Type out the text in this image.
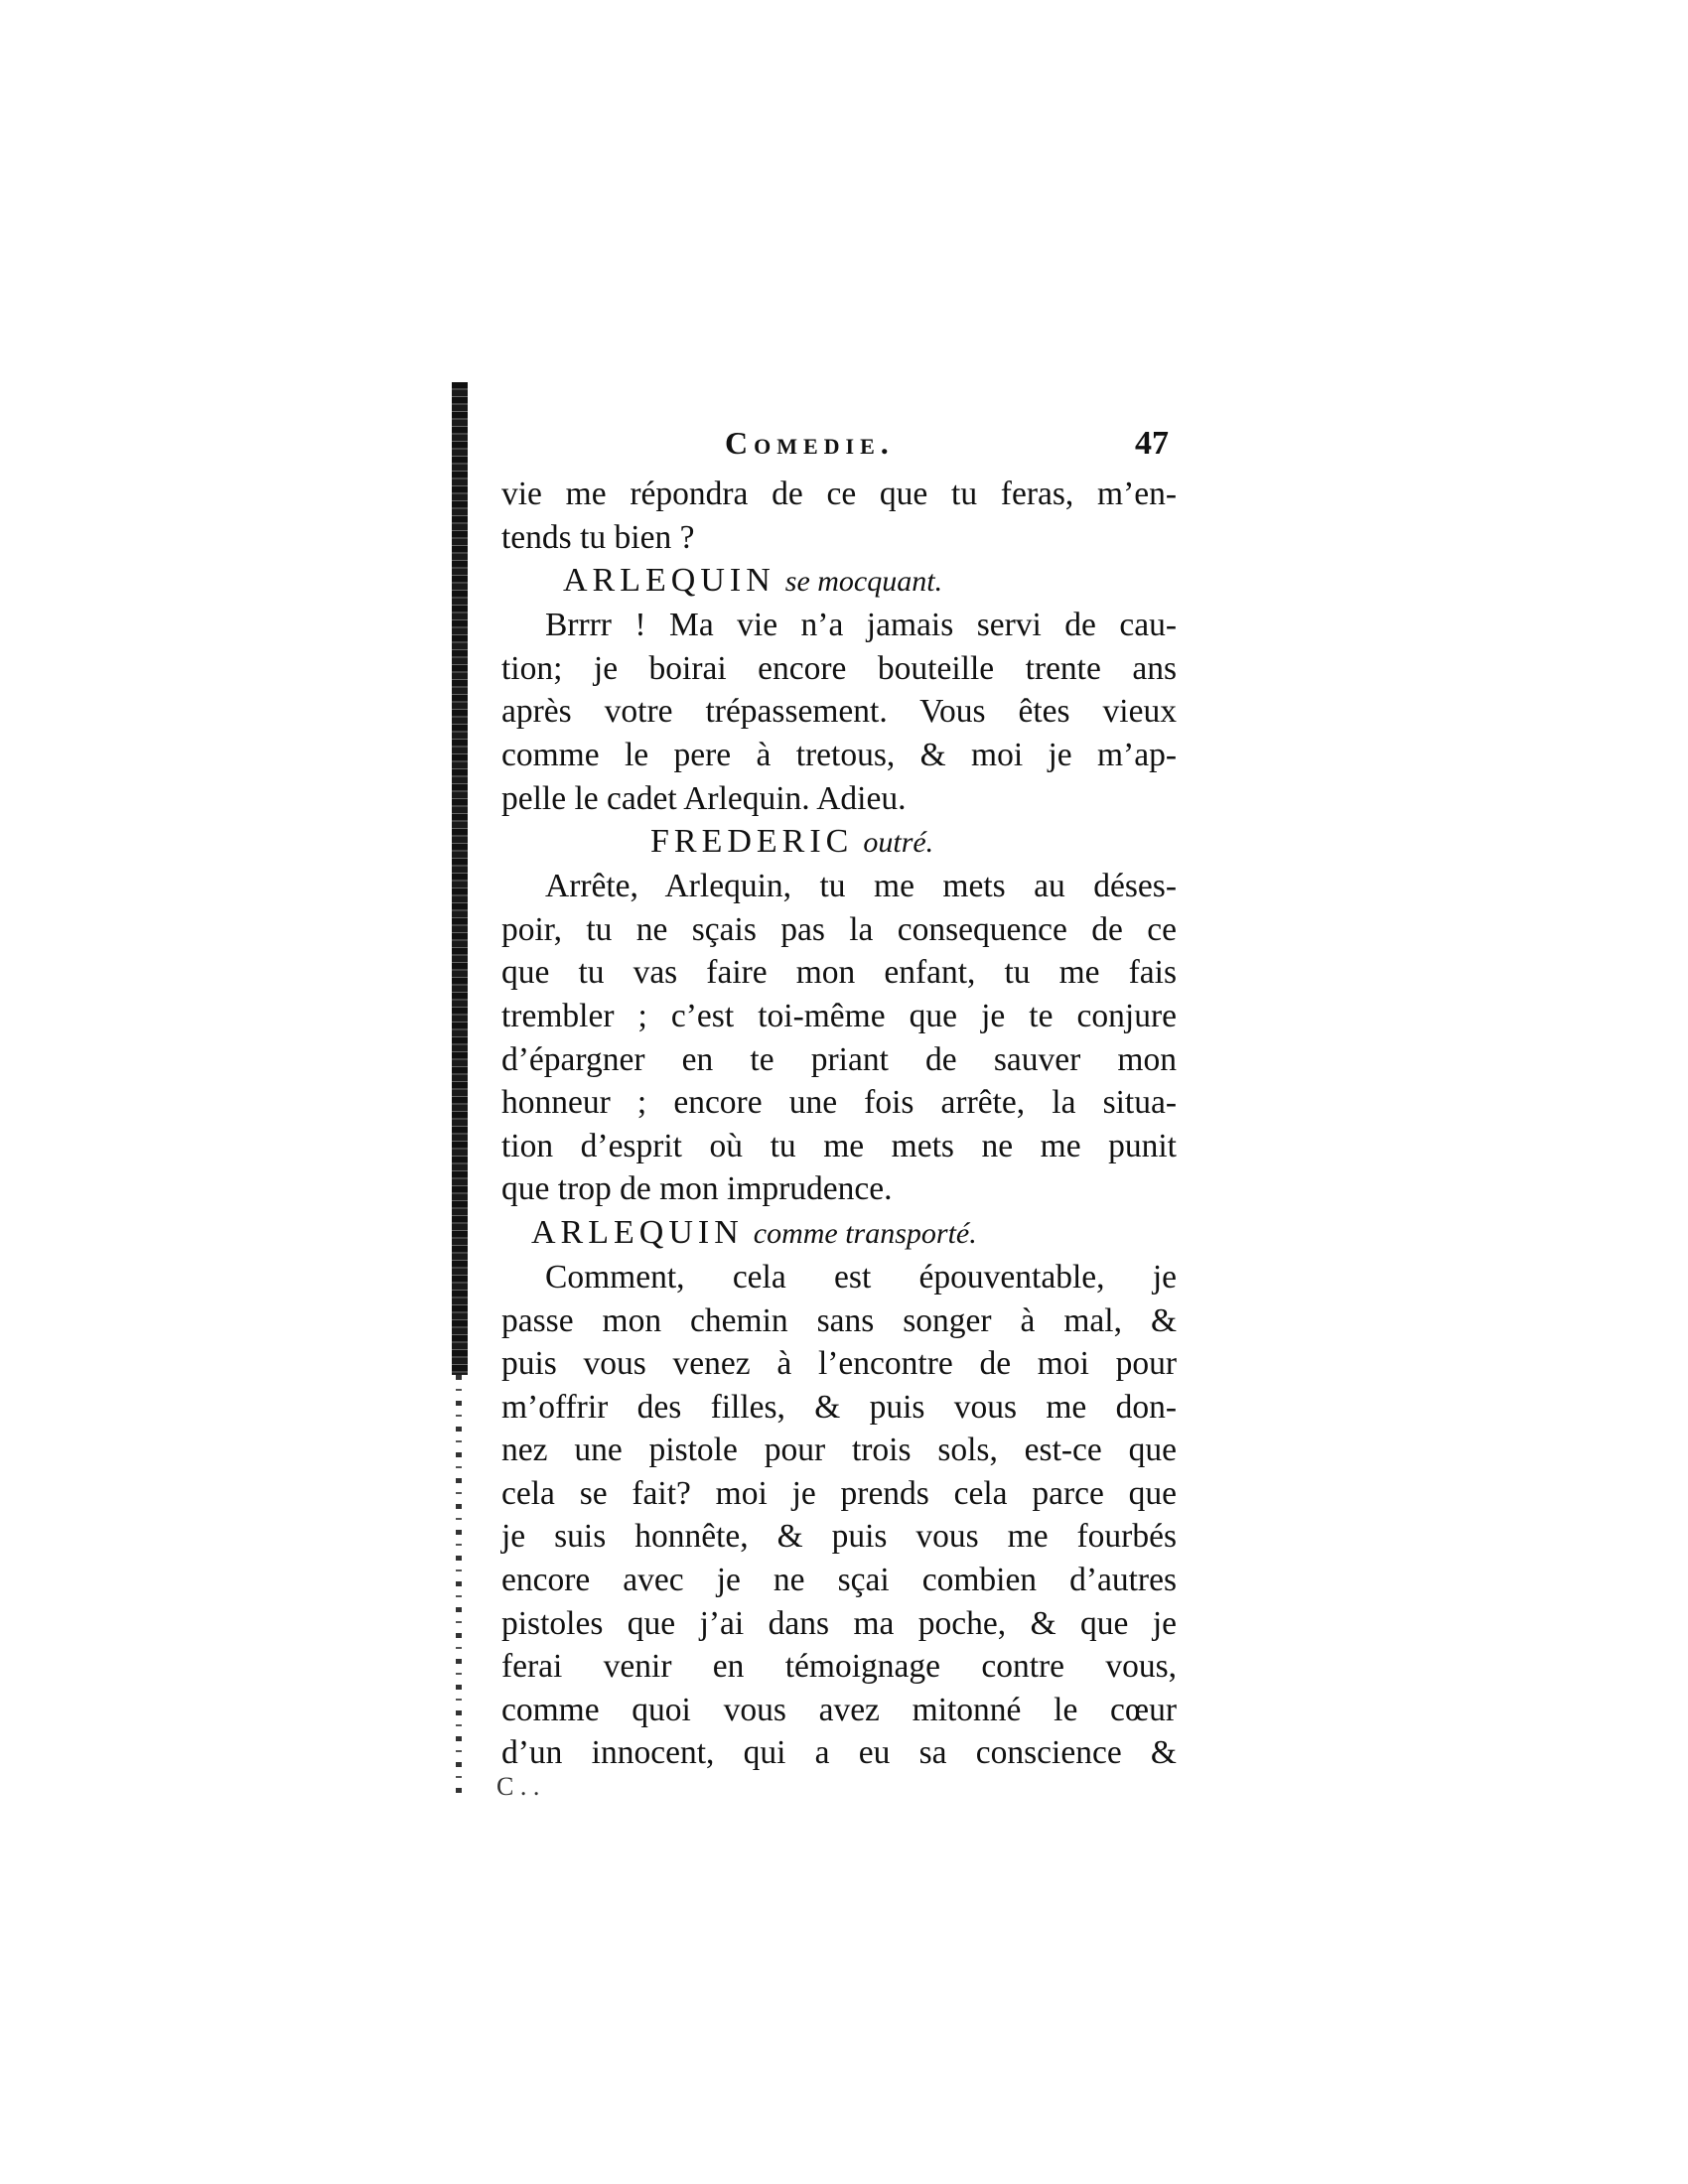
Comedie.	47
vie me répondra de ce que tu feras, m’en-
tends tu bien ?
ARLEQUIN se mocquant.
Brrrr ! Ma vie n’a jamais servi de cau-
tion; je boirai encore bouteille trente ans
après votre trépassement. Vous êtes vieux
comme le pere à tretous, & moi je m’ap-
pelle le cadet Arlequin. Adieu.
FREDERIC outré.
Arrête, Arlequin, tu me mets au déses-
poir, tu ne sçais pas la consequence de ce
que tu vas faire mon enfant, tu me fais
trembler ; c’est toi-même que je te conjure
d’épargner en te priant de sauver mon
honneur ; encore une fois arrête, la situa-
tion d’esprit où tu me mets ne me punit
que trop de mon imprudence.
ARLEQUIN comme transporté.
Comment, cela est épouventable, je
passe mon chemin sans songer à mal, &
puis vous venez à l’encontre de moi pour
m’offrir des filles, & puis vous me don-
nez une pistole pour trois sols, est-ce que
cela se fait? moi je prends cela parce que
je suis honnête, & puis vous me fourbés
encore avec je ne sçai combien d’autres
pistoles que j’ai dans ma poche, & que je
ferai venir en témoignage contre vous,
comme quoi vous avez mitonné le cœur
d’un innocent, qui a eu sa conscience &
C . .
